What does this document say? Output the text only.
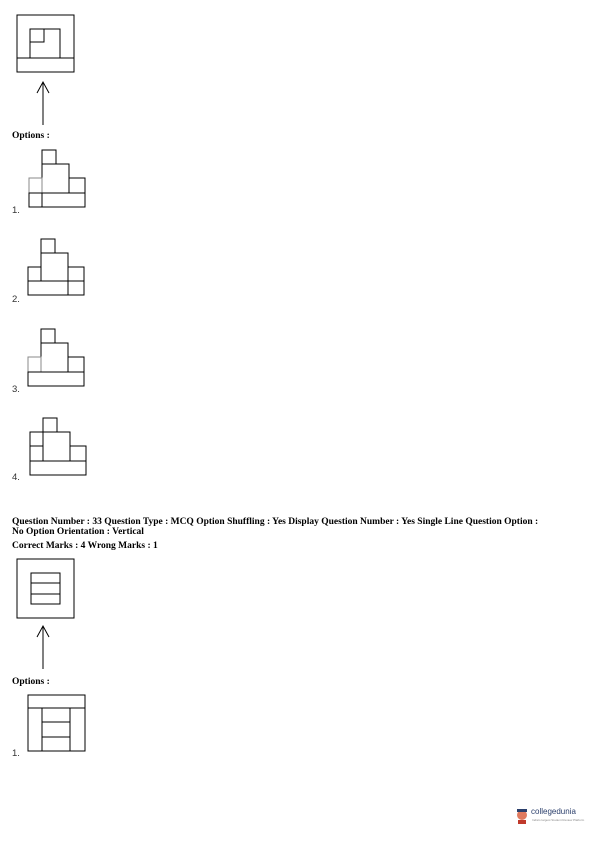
Options :
1.
2.
3.
4.
Question Number : 33 Question Type : MCQ Option Shuffling : Yes Display Question Number : Yes Single Line Question Option :
No Option Orientation : Vertical
Correct Marks : 4 Wrong Marks : 1
Options :
1.
collegedunia
India's largest Student Review Platform
